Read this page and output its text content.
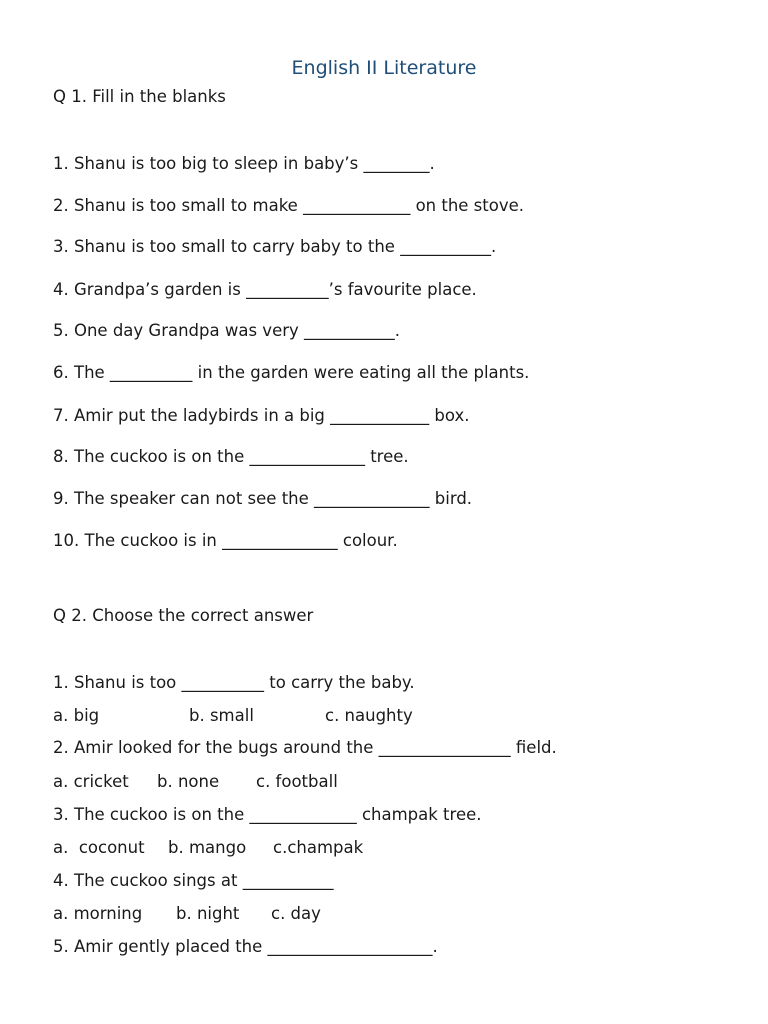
English II Literature
Q 1. Fill in the blanks
1. Shanu is too big to sleep in baby’s ________.
2. Shanu is too small to make _____________ on the stove.
3. Shanu is too small to carry baby to the ___________.
4. Grandpa’s garden is __________’s favourite place.
5. One day Grandpa was very ___________.
6. The __________ in the garden were eating all the plants.
7. Amir put the ladybirds in a big ____________ box.
8. The cuckoo is on the ______________ tree.
9. The speaker can not see the ______________ bird.
10. The cuckoo is in ______________ colour.
Q 2. Choose the correct answer
1. Shanu is too __________ to carry the baby.
a. big	b. small	c. naughty
2. Amir looked for the bugs around the ________________ field.
a. cricket b. none c. football
3. The cuckoo is on the _____________ champak tree.
a.  coconut b. mango c.champak
4. The cuckoo sings at ___________
a. morning b. night c. day
5. Amir gently placed the ____________________.
